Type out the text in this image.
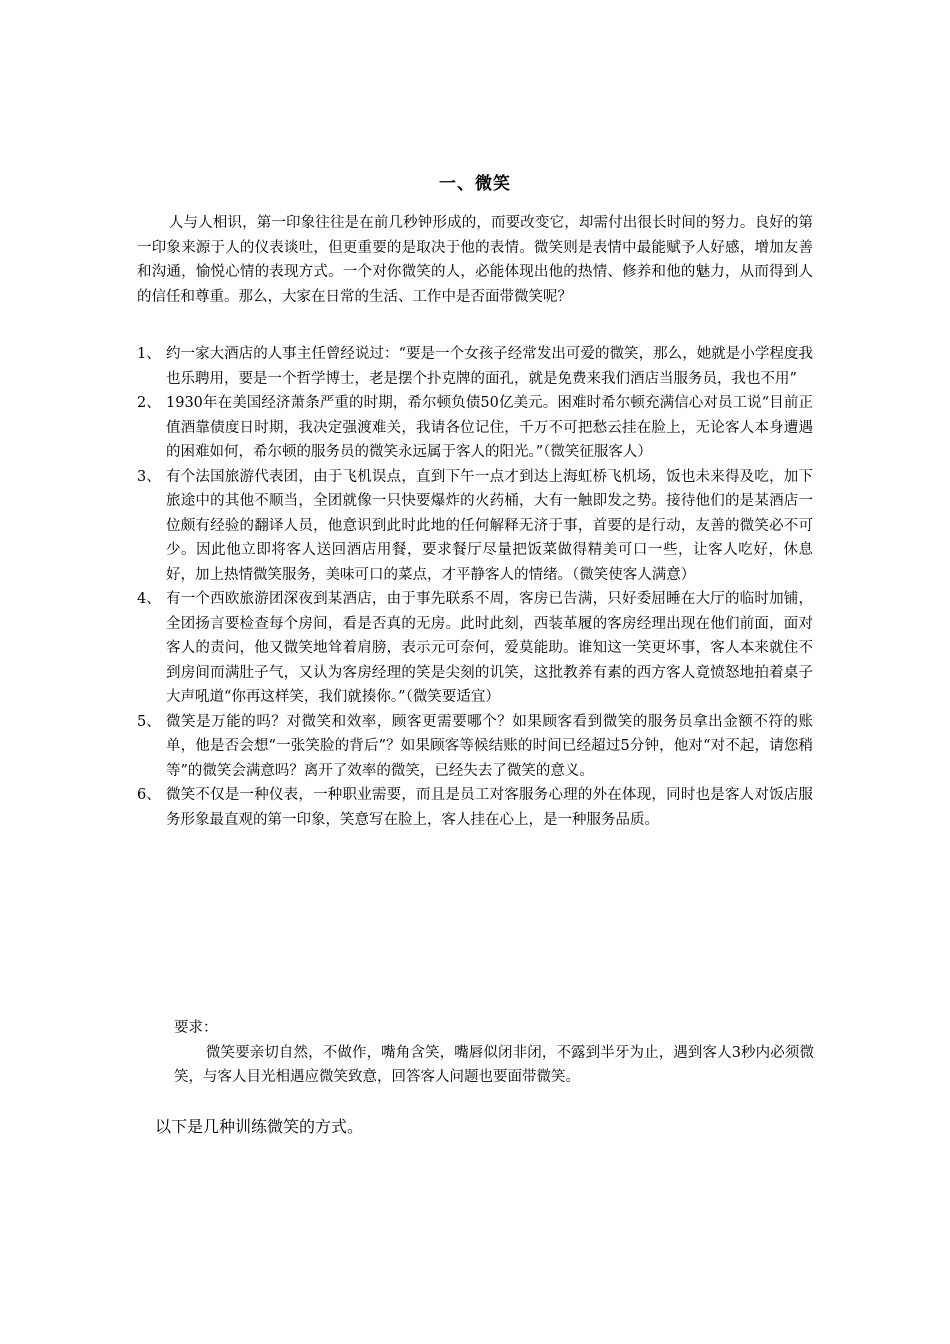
一、微笑
人与人相识，第一印象往往是在前几秒钟形成的，而要改变它，却需付出很长时间的努力。良好的第一印象来源于人的仪表谈吐，但更重要的是取决于他的表情。微笑则是表情中最能赋予人好感，增加友善和沟通，愉悦心情的表现方式。一个对你微笑的人，必能体现出他的热情、修养和他的魅力，从而得到人的信任和尊重。那么，大家在日常的生活、工作中是否面带微笑呢？
1、 约一家大酒店的人事主任曾经说过：“要是一个女孩子经常发出可爱的微笑，那么，她就是小学程度我也乐聘用，要是一个哲学博士，老是摆个扑克牌的面孔，就是免费来我们酒店当服务员，我也不用”
2、 1930年在美国经济萧条严重的时期，希尔顿负债50亿美元。困难时希尔顿充满信心对员工说“目前正值酒靠债度日时期，我决定强渡难关，我请各位记住，千万不可把愁云挂在脸上，无论客人本身遭遇的困难如何，希尔顿的服务员的微笑永远属于客人的阳光。”（微笑征服客人）
3、 有个法国旅游代表团，由于飞机误点，直到下午一点才到达上海虹桥飞机场，饭也未来得及吃，加下旅途中的其他不顺当，全团就像一只快要爆炸的火药桶，大有一触即发之势。接待他们的是某酒店一位颇有经验的翻译人员，他意识到此时此地的任何解释无济于事，首要的是行动，友善的微笑必不可少。因此他立即将客人送回酒店用餐，要求餐厅尽量把饭菜做得精美可口一些，让客人吃好，休息好，加上热情微笑服务，美味可口的菜点，才平静客人的情绪。（微笑使客人满意）
4、 有一个西欧旅游团深夜到某酒店，由于事先联系不周，客房已告满，只好委屈睡在大厅的临时加铺，全团扬言要检查每个房间，看是否真的无房。此时此刻，西装革履的客房经理出现在他们前面，面对客人的责问，他又微笑地耸着肩膀，表示元可奈何，爱莫能助。谁知这一笑更坏事，客人本来就住不到房间而满肚子气，又认为客房经理的笑是尖刻的讥笑，这批教养有素的西方客人竟愤怒地拍着桌子大声吼道“你再这样笑，我们就揍你。”（微笑要适宜）
5、 微笑是万能的吗？对微笑和效率，顾客更需要哪个？如果顾客看到微笑的服务员拿出金额不符的账单，他是否会想“一张笑脸的背后”？如果顾客等候结账的时间已经超过5分钟，他对“对不起，请您稍等”的微笑会满意吗？离开了效率的微笑，已经失去了微笑的意义。
6、 微笑不仅是一种仪表，一种职业需要，而且是员工对客服务心理的外在体现，同时也是客人对饭店服务形象最直观的第一印象，笑意写在脸上，客人挂在心上，是一种服务品质。
要求：
微笑要亲切自然，不做作，嘴角含笑，嘴唇似闭非闭，不露到半牙为止，遇到客人3秒内必须微笑，与客人目光相遇应微笑致意，回答客人问题也要面带微笑。
以下是几种训练微笑的方式。
